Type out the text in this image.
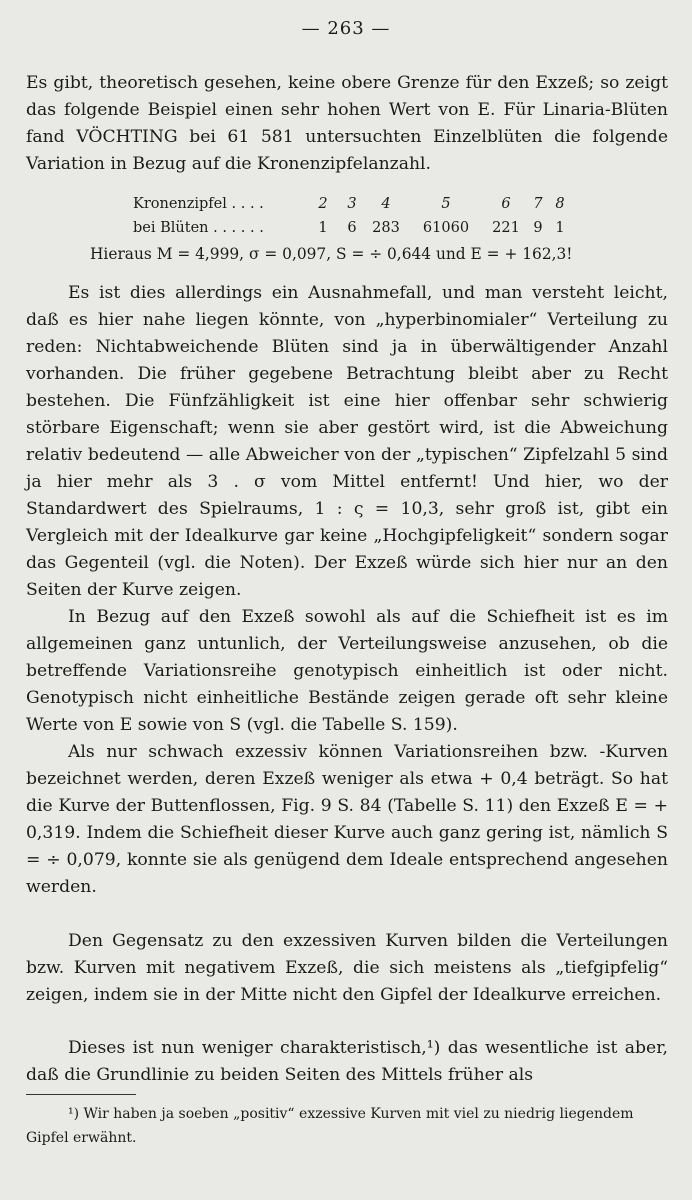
— 263 —
Es gibt, theoretisch gesehen, keine obere Grenze für den Exzeß; so zeigt das folgende Beispiel einen sehr hohen Wert von E. Für Linaria-Blüten fand VÖCHTING bei 61 581 untersuchten Einzelblüten die folgende Variation in Bezug auf die Kronenzipfelanzahl.
Kronenzipfel . . . .	2	3	4	5	6	7 8
bei Blüten . . . . . .	1	6	283	61060	221 9 1
Hieraus M = 4,999, σ = 0,097, S = ÷ 0,644 und E = + 162,3!
Es ist dies allerdings ein Ausnahmefall, und man versteht leicht, daß es hier nahe liegen könnte, von „hyperbinomialer“ Verteilung zu reden: Nichtabweichende Blüten sind ja in überwältigender Anzahl vorhanden. Die früher gegebene Betrachtung bleibt aber zu Recht bestehen. Die Fünfzähligkeit ist eine hier offenbar sehr schwierig störbare Eigenschaft; wenn sie aber gestört wird, ist die Abweichung relativ bedeutend — alle Abweicher von der „typischen“ Zipfelzahl 5 sind ja hier mehr als 3 . σ vom Mittel entfernt! Und hier, wo der Standardwert des Spielraums, 1 : ς = 10,3, sehr groß ist, gibt ein Vergleich mit der Idealkurve gar keine „Hochgipfeligkeit“ sondern sogar das Gegenteil (vgl. die Noten). Der Exzeß würde sich hier nur an den Seiten der Kurve zeigen.
In Bezug auf den Exzeß sowohl als auf die Schiefheit ist es im allgemeinen ganz untunlich, der Verteilungsweise anzusehen, ob die betreffende Variationsreihe genotypisch einheitlich ist oder nicht. Genotypisch nicht einheitliche Bestände zeigen gerade oft sehr kleine Werte von E sowie von S (vgl. die Tabelle S. 159).
Als nur schwach exzessiv können Variationsreihen bzw. -Kurven bezeichnet werden, deren Exzeß weniger als etwa + 0,4 beträgt. So hat die Kurve der Buttenflossen, Fig. 9 S. 84 (Tabelle S. 11) den Exzeß E = + 0,319. Indem die Schiefheit dieser Kurve auch ganz gering ist, nämlich S = ÷ 0,079, konnte sie als genügend dem Ideale entsprechend angesehen werden.
Den Gegensatz zu den exzessiven Kurven bilden die Verteilungen bzw. Kurven mit negativem Exzeß, die sich meistens als „tiefgipfelig“ zeigen, indem sie in der Mitte nicht den Gipfel der Idealkurve erreichen.
Dieses ist nun weniger charakteristisch,¹) das wesentliche ist aber, daß die Grundlinie zu beiden Seiten des Mittels früher als
¹) Wir haben ja soeben „positiv“ exzessive Kurven mit viel zu niedrig liegendem Gipfel erwähnt.
